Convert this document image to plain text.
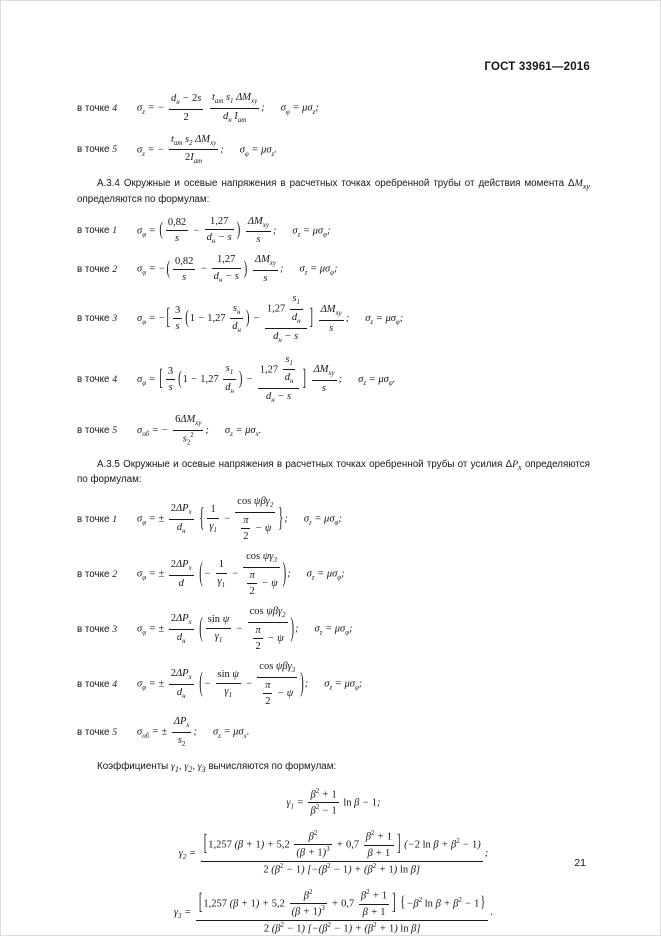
ГОСТ 33961—2016
в точке 4	$\sigma_z$ = −
$d_н - 2s$
2

$t_{ат}$ $s_1$ $\Delta M_{ху}$
$d_н$ $I_{ат}$
; $\sigma_\varphi = \mu\sigma_z$;
в точке 5	$\sigma_z$ = −
$t_{ат}$ $s_2$ $\Delta M_{ху}$
$2I_{ат}$
; $\sigma_\varphi = \mu\sigma_z$.

А.3.4 Окружные и осевые напряжения в расчетных точках оребренной трубы от действия момента $\Delta M_{ху}$ определяются по формулам:

в точке 1	$\sigma_\varphi$ = ( $\frac{0,82}{s}$ −
1,27
$d_н - s$ ) $\Delta M_{ху}$
s
; $\sigma_z = \mu\sigma_\varphi$;
в точке 2	$\sigma_\varphi$ = −( $\frac{0,82}{s}$ −
1,27
$d_н - s$ ) $\Delta M_{ху}$
s
; $\sigma_z = \mu\sigma_\varphi$;
в точке 3	$\sigma_\varphi$ = −[ $\frac{3}{s} (1 - 1,27$
$s_н$
$d_н$
) −
1,27
$s_1$
$d_н$
$d_н - s$
] $\Delta M_{ху}$
s
; $\sigma_z = \mu\sigma_\varphi$;
в точке 4	$\sigma_\varphi$ = [ $\frac{3}{s} (1 - 1,27$
$s_1$
$d_н$
) −
1,27
$s_1$
$d_н$
$d_н - s$
] $\Delta M_{ху}$
s
; $\sigma_z = \mu\sigma_\varphi$.
в точке 5	$\sigma_{об}$ = −
$6\Delta M_{ху}$
$s_2^2$	; $\sigma_z = \mu\sigma_х$.

А.3.5 Окружные и осевые напряжения в расчетных точках оребренной трубы от усилия $\Delta P_х$ определяются по формулам:

в точке 1	$\sigma_\varphi$ = ±
$2\Delta P_х$
$d_н$	{ $\frac{1}{\gamma_1}$ −
cos ψβγ$_2$
$\frac{\pi}{2} - \psi$ }; $\sigma_z = \mu\sigma_\varphi$;
в точке 2	$\sigma_\varphi$ = ±
$2\Delta P_х$
d	(− $\frac{1}{\gamma_1} - \frac{\cos \psi\gamma_3}{\frac{\pi}{2} - \psi}$ ); $\sigma_z = \mu\sigma_\varphi$;
в точке 3	$\sigma_\varphi$ = ±
$2\Delta P_х$
$d_н$	( $\frac{\text{sin ψ}}{\gamma_1}$ −
cos ψβγ$_2$
$\frac{\pi}{2} - \psi$ ); $\sigma_z = \mu\sigma_\varphi$;
в точке 4	$\sigma_\varphi$ = ±
$2\Delta P_х$
$d_н$	(− $\frac{\text{sin ψ}}{\gamma_1}$ −
cos ψβγ$_3$
$\frac{\pi}{2} - \psi$ ); $\sigma_z = \mu\sigma_\varphi$;
в точке 5	$\sigma_{об}$ = ±
$\Delta P_х$
$s_2$
; $\sigma_z = \mu\sigma_х$.

Коэффициенты $\gamma_1$, $\gamma_2$, $\gamma_3$ вычисляются по формулам:

$\gamma_1 = \frac{\beta^2 + 1}{\beta^2 - 1}$ ln β − 1;
$\gamma_2 = [1,257$ $(\beta + 1) + 5,2 \frac{\beta^2}{(\beta + 1)^3} + 0,7 \frac{\beta^2 + 1}{\beta + 1}$ ] (−2 $\ln \beta + \beta^2 - 1$)
2 $(\beta^2 - 1) [-(\beta^2 - 1) + (\beta^2 + 1)$ ln β]
;
$\gamma_3 = [1,257$ $(\beta + 1) + 5,2 \frac{\beta^2}{(\beta + 1)^3} + 0,7 \frac{\beta^2 + 1}{\beta + 1}$ ] {$-\beta^2$ $\ln \beta + \beta^2 - 1$}
2 $(\beta^2 - 1) [-(\beta^2 - 1) + (\beta^2 + 1)$ ln β]
.
21
